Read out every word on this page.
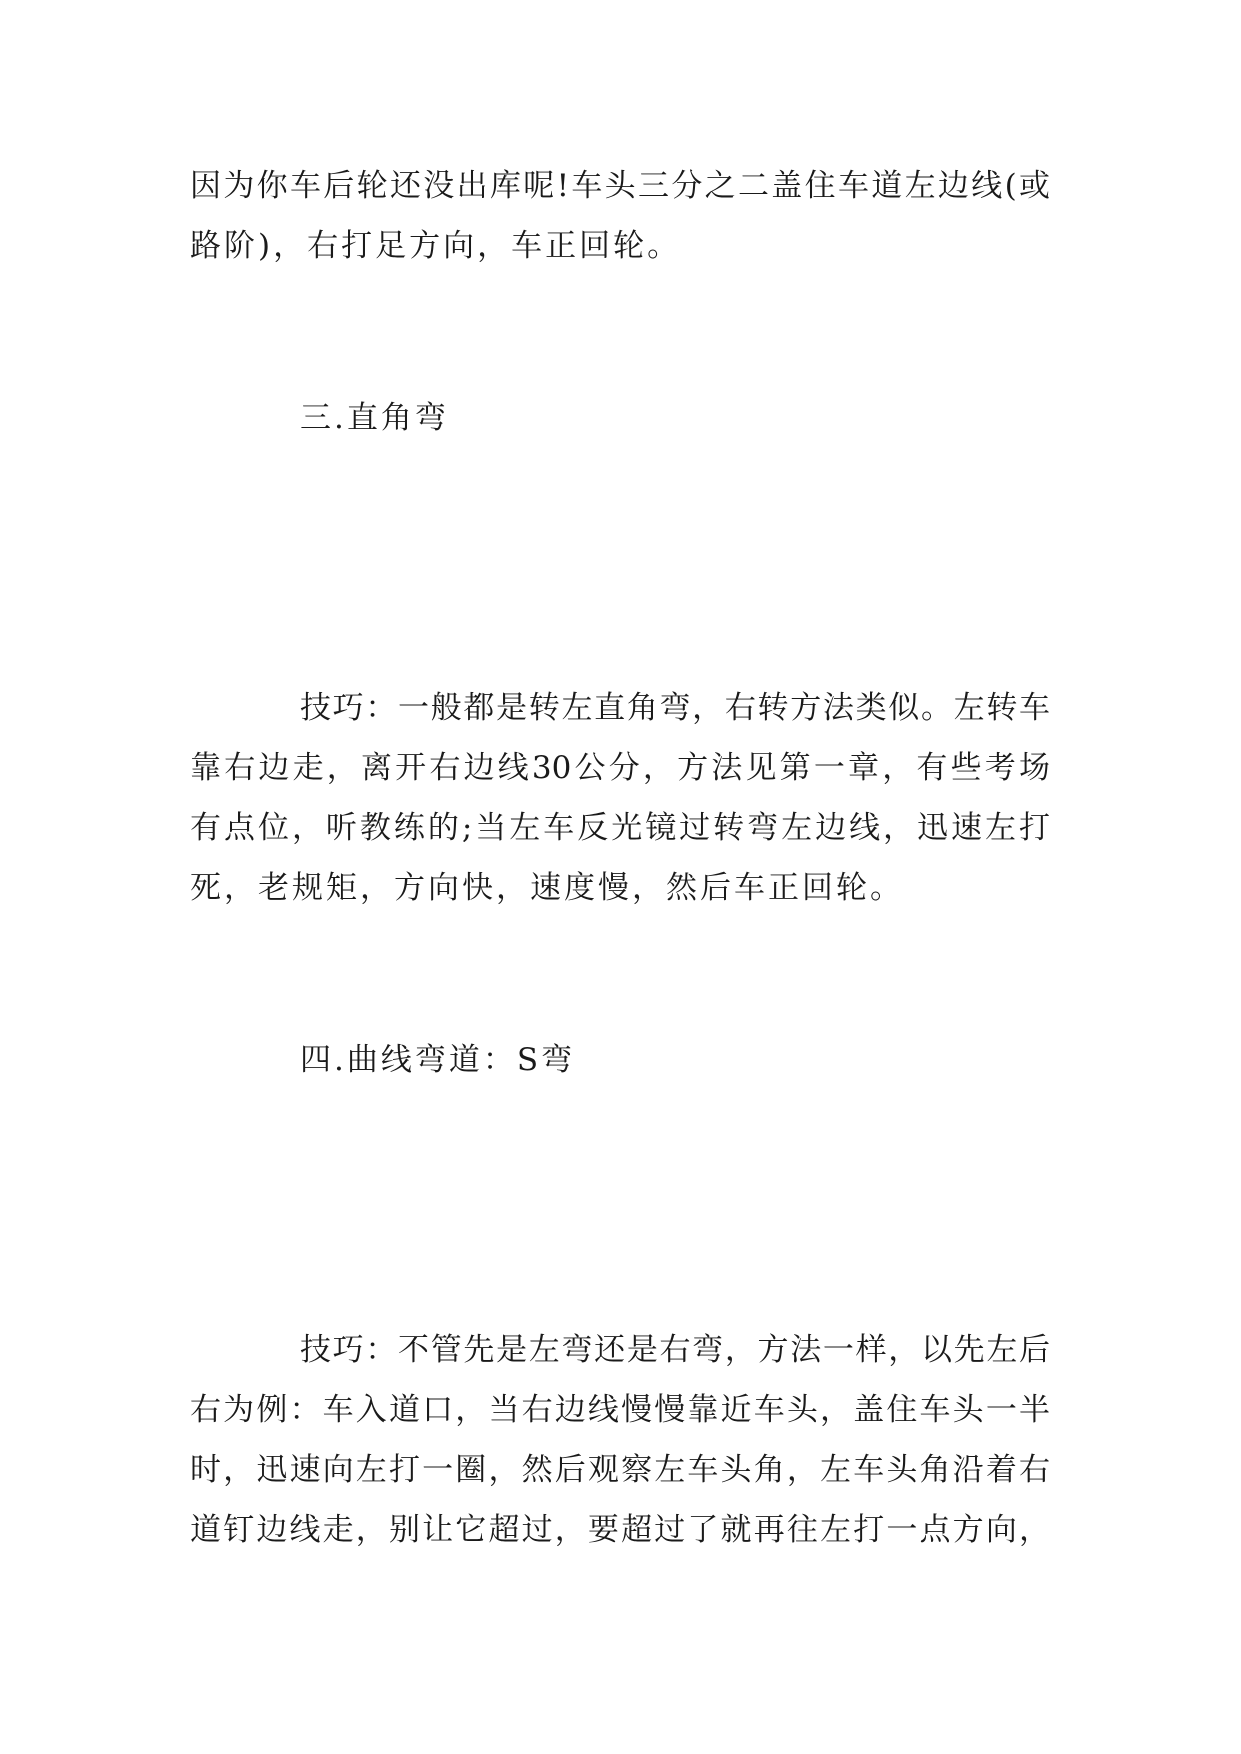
因为你车后轮还没出库呢!车头三分之二盖住车道左边线(或
路阶)，右打足方向，车正回轮。
三.直角弯
技巧：一般都是转左直角弯，右转方法类似。左转车
靠右边走，离开右边线30公分，方法见第一章，有些考场
有点位，听教练的;当左车反光镜过转弯左边线，迅速左打
死，老规矩，方向快，速度慢，然后车正回轮。
四.曲线弯道：S弯
技巧：不管先是左弯还是右弯，方法一样，以先左后
右为例：车入道口，当右边线慢慢靠近车头，盖住车头一半
时，迅速向左打一圈，然后观察左车头角，左车头角沿着右
道钉边线走，别让它超过，要超过了就再往左打一点方向，
